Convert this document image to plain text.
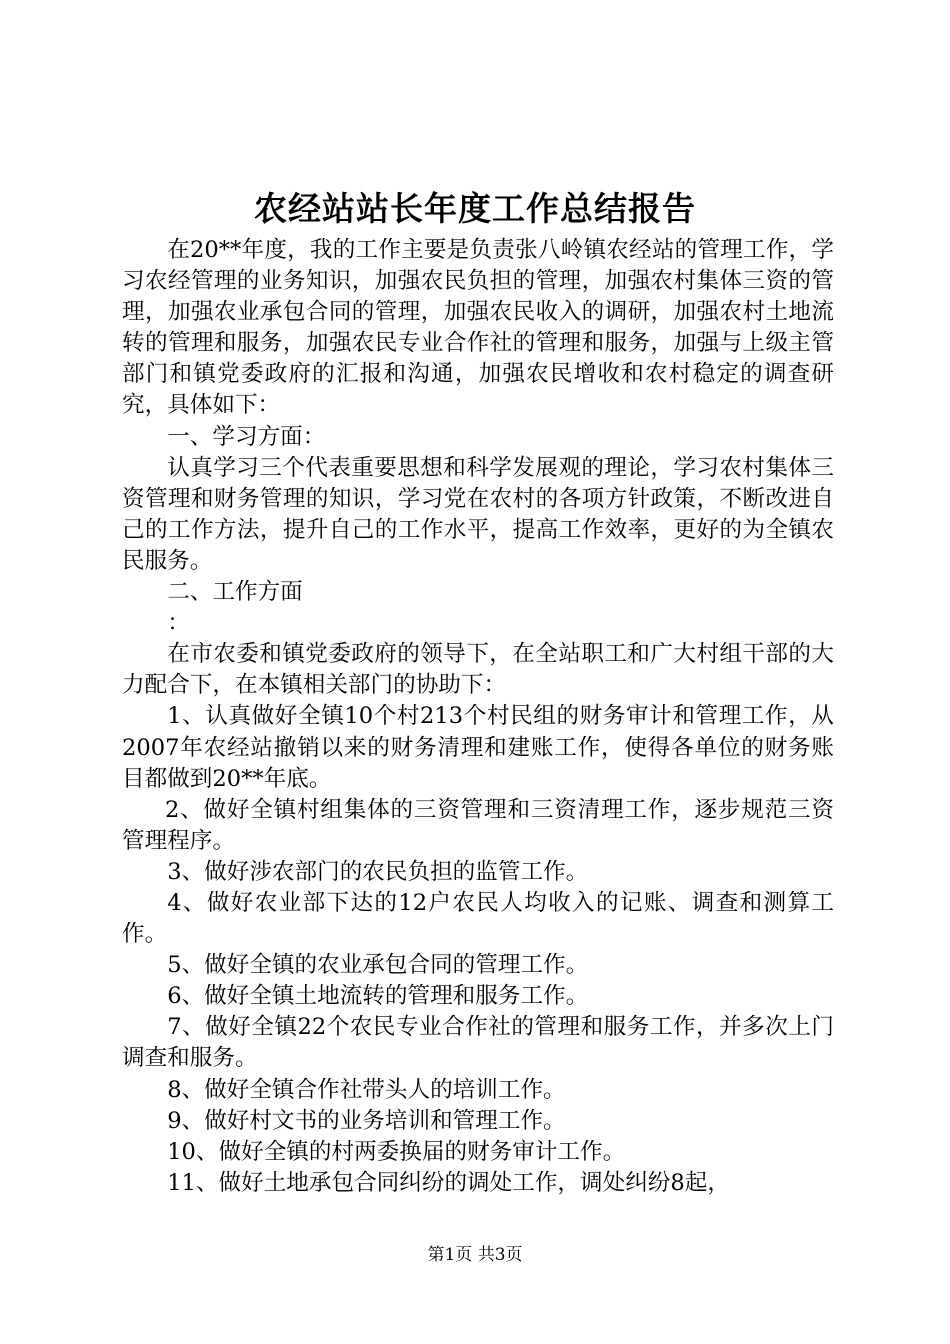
农经站站长年度工作总结报告

在20**年度，我的工作主要是负责张八岭镇农经站的管理工作，学习农经管理的业务知识，加强农民负担的管理，加强农村集体三资的管理，加强农业承包合同的管理，加强农民收入的调研，加强农村土地流转的管理和服务，加强农民专业合作社的管理和服务，加强与上级主管部门和镇党委政府的汇报和沟通，加强农民增收和农村稳定的调查研究，具体如下：

一、学习方面：

认真学习三个代表重要思想和科学发展观的理论，学习农村集体三资管理和财务管理的知识，学习党在农村的各项方针政策，不断改进自己的工作方法，提升自己的工作水平，提高工作效率，更好的为全镇农民服务。

二、工作方面

：

在市农委和镇党委政府的领导下，在全站职工和广大村组干部的大力配合下，在本镇相关部门的协助下：

1、认真做好全镇10个村213个村民组的财务审计和管理工作，从2007年农经站撤销以来的财务清理和建账工作，使得各单位的财务账目都做到20**年底。

2、做好全镇村组集体的三资管理和三资清理工作，逐步规范三资管理程序。

3、做好涉农部门的农民负担的监管工作。

4、做好农业部下达的12户农民人均收入的记账、调查和测算工作。

5、做好全镇的农业承包合同的管理工作。

6、做好全镇土地流转的管理和服务工作。

7、做好全镇22个农民专业合作社的管理和服务工作，并多次上门调查和服务。

8、做好全镇合作社带头人的培训工作。

9、做好村文书的业务培训和管理工作。

10、做好全镇的村两委换届的财务审计工作。

11、做好土地承包合同纠纷的调处工作，调处纠纷8起，

第1页 共3页
